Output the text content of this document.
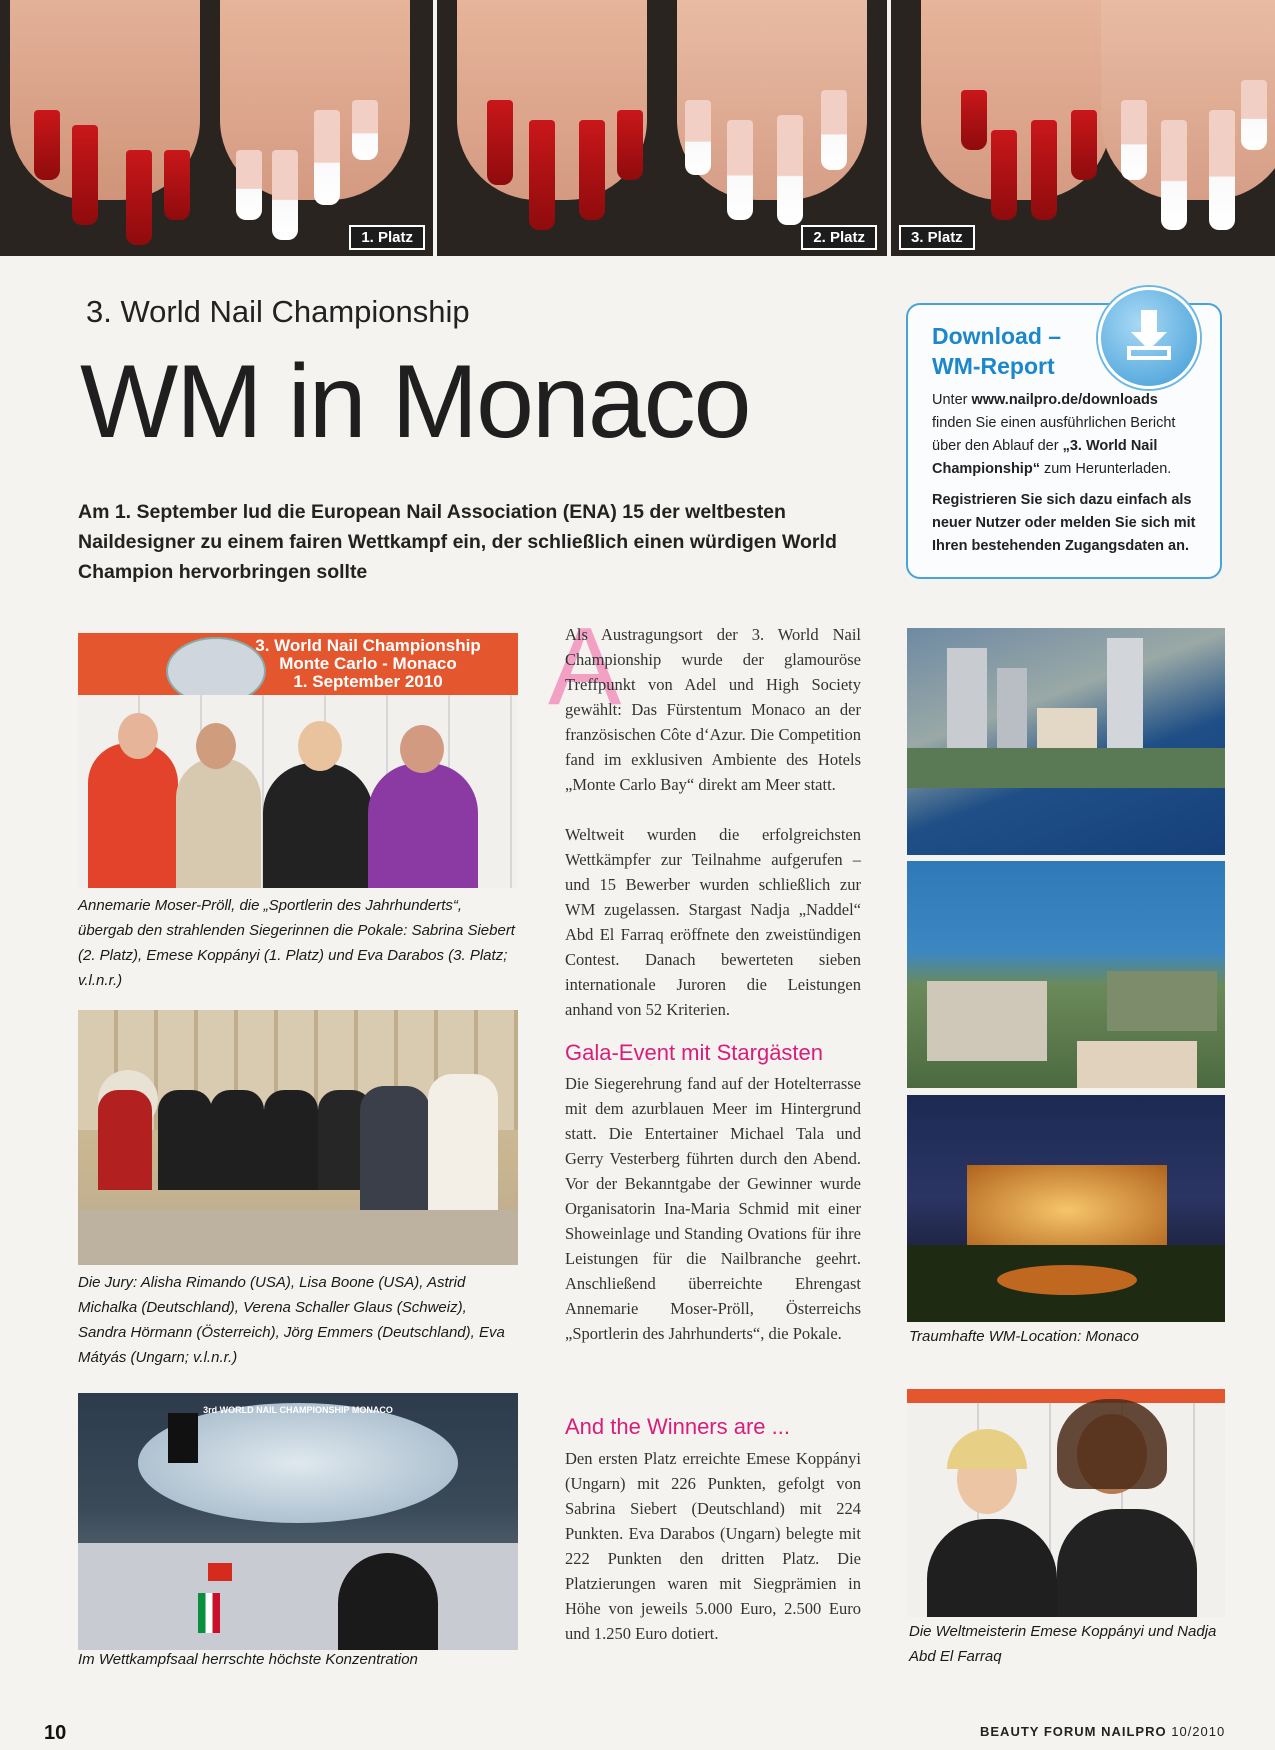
1. Platz	2. Platz	3. Platz
3. World Nail Championship
WM in Monaco
Am 1. September lud die European Nail Association (ENA) 15 der weltbesten Naildesigner zu einem fairen Wettkampf ein, der schließlich einen würdigen World Champion hervorbringen sollte
Download – WM-Report
Unter www.nailpro.de/downloads finden Sie einen ausführlichen Bericht über den Ablauf der „3. World Nail Championship“ zum Herunterladen.
Registrieren Sie sich dazu einfach als neuer Nutzer oder melden Sie sich mit Ihren bestehenden Zugangsdaten an.
3. World Nail Championship
Monte Carlo - Monaco
1. September 2010
Annemarie Moser-Pröll, die „Sportlerin des Jahrhunderts“, übergab den strahlenden Siegerinnen die Pokale: Sabrina Siebert (2. Platz), Emese Koppányi (1. Platz) und Eva Darabos (3. Platz; v.l.n.r.)
Die Jury: Alisha Rimando (USA), Lisa Boone (USA), Astrid Michalka (Deutschland), Verena Schaller Glaus (Schweiz), Sandra Hörmann (Österreich), Jörg Emmers (Deutschland), Eva Mátyás (Ungarn; v.l.n.r.)
3rd WORLD NAIL CHAMPIONSHIP MONACO
Im Wettkampfsaal herrschte höchste Konzentration
A
Als Austragungsort der 3. World Nail Championship wurde der glamouröse Treffpunkt von Adel und High Society gewählt: Das Fürstentum Monaco an der französischen Côte d‘Azur. Die Competition fand im exklusiven Ambiente des Hotels „Monte Carlo Bay“ direkt am Meer statt.
Weltweit wurden die erfolgreichsten Wettkämpfer zur Teilnahme aufgerufen – und 15 Bewerber wurden schließlich zur WM zugelassen. Stargast Nadja „Naddel“ Abd El Farraq eröffnete den zweistündigen Contest. Danach bewerteten sieben internationale Juroren die Leistungen anhand von 52 Kriterien.
Gala-Event mit Stargästen
Die Siegerehrung fand auf der Hotelterrasse mit dem azurblauen Meer im Hintergrund statt. Die Entertainer Michael Tala und Gerry Vesterberg führten durch den Abend. Vor der Bekanntgabe der Gewinner wurde Organisatorin Ina-Maria Schmid mit einer Showeinlage und Standing Ovations für ihre Leistungen für die Nailbranche geehrt. Anschließend überreichte Ehrengast Annemarie Moser-Pröll, Österreichs „Sportlerin des Jahrhunderts“, die Pokale.
And the Winners are ...
Den ersten Platz erreichte Emese Koppányi (Ungarn) mit 226 Punkten, gefolgt von Sabrina Siebert (Deutschland) mit 224 Punkten. Eva Darabos (Ungarn) belegte mit 222 Punkten den dritten Platz. Die Platzierungen waren mit Siegprämien in Höhe von jeweils 5.000 Euro, 2.500 Euro und 1.250 Euro dotiert.
Traumhafte WM-Location: Monaco
Die Weltmeisterin Emese Koppányi und Nadja Abd El Farraq
10	BEAUTY FORUM NAILPRO 10/2010
